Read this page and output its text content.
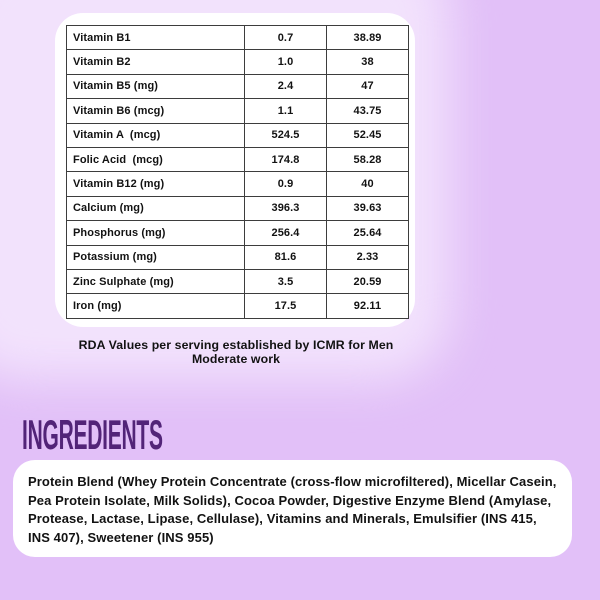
Vitamin B1	0.7	38.89
Vitamin B2	1.0	38
Vitamin B5 (mg)	2.4	47
Vitamin B6 (mcg)	1.1	43.75
Vitamin A  (mcg)	524.5	52.45
Folic Acid  (mcg)	174.8	58.28
Vitamin B12 (mg)	0.9	40
Calcium (mg)	396.3	39.63
Phosphorus (mg)	256.4	25.64
Potassium (mg)	81.6	2.33
Zinc Sulphate (mg)	3.5	20.59
Iron (mg)	17.5	92.11
RDA Values per serving established by ICMR for Men Moderate work
INGREDIENTS

Protein Blend (Whey Protein Concentrate (cross-flow microfiltered), Micellar Casein, Pea Protein Isolate, Milk Solids), Cocoa Powder, Digestive Enzyme Blend (Amylase, Protease, Lactase, Lipase, Cellulase), Vitamins and Minerals, Emulsifier (INS 415, INS 407), Sweetener (INS 955)
